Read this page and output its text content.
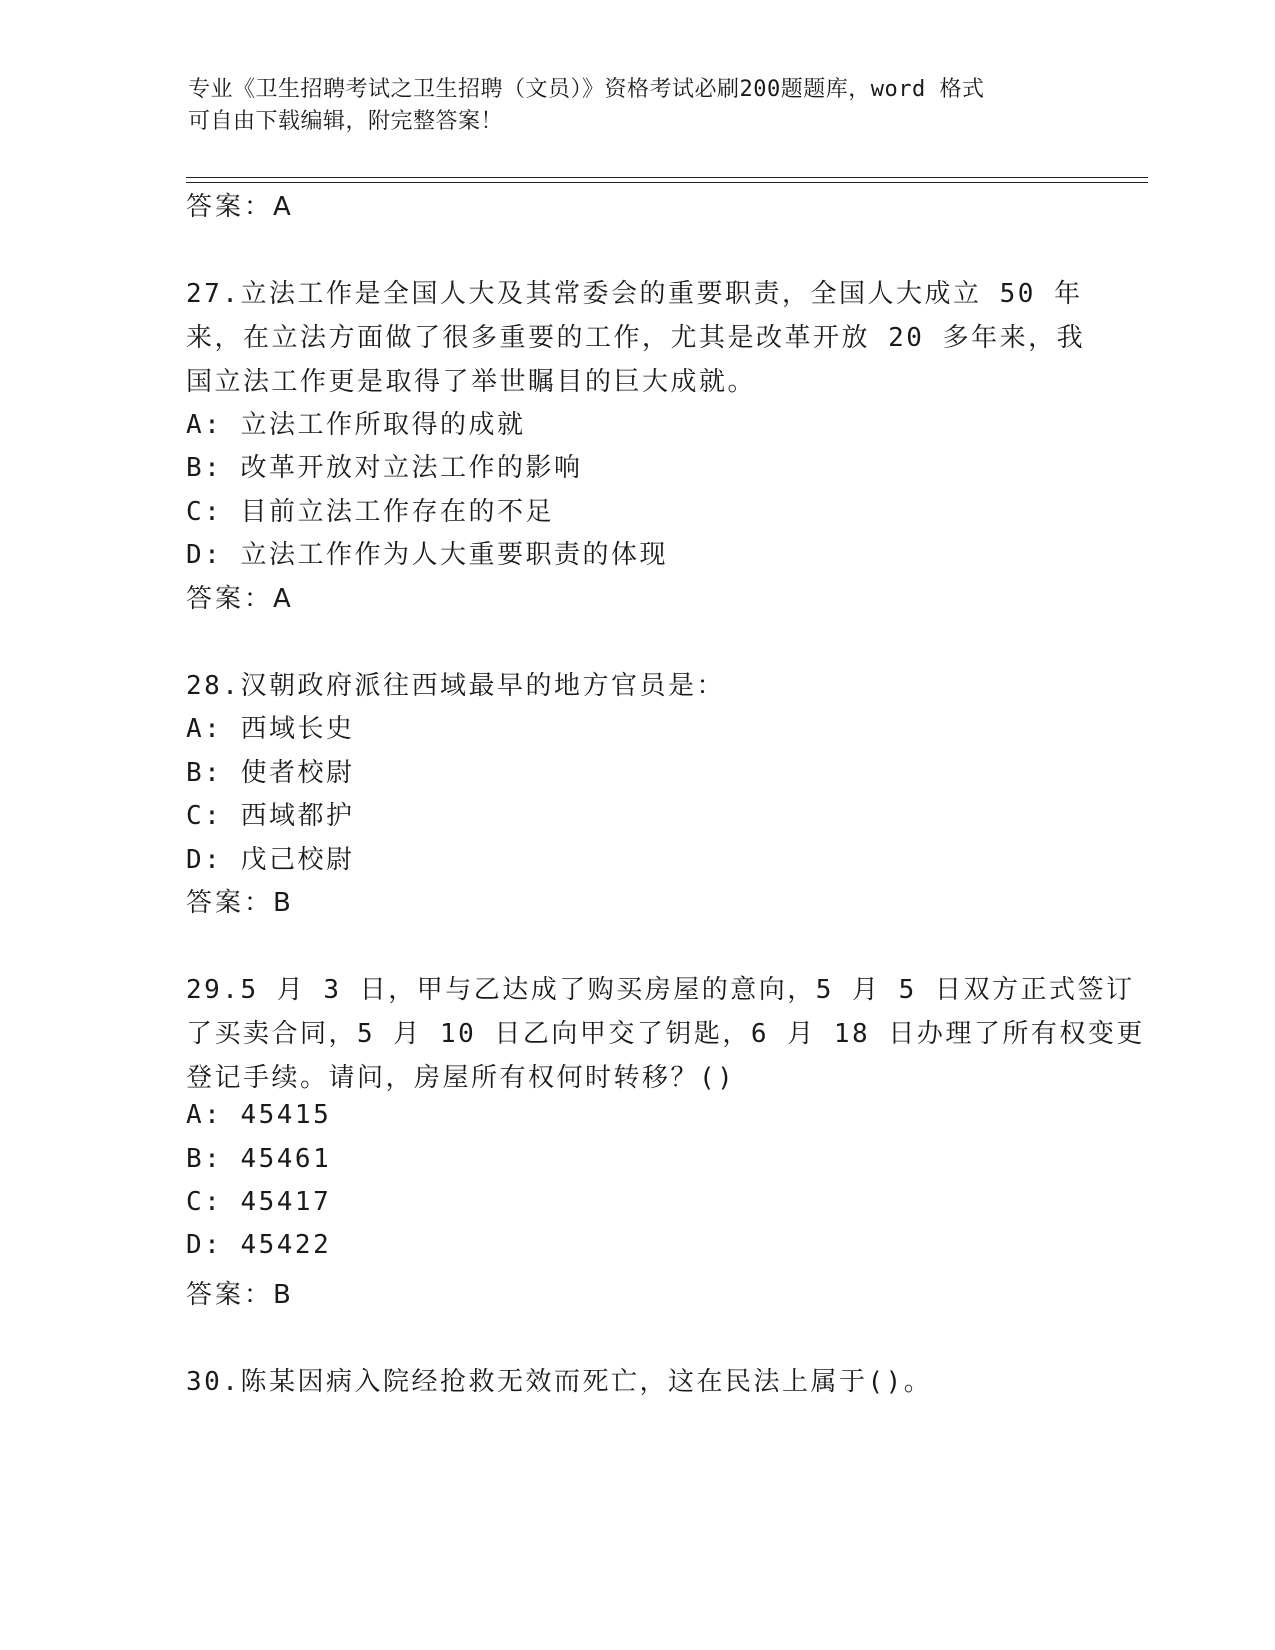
专业《卫生招聘考试之卫生招聘（文员）》资格考试必刷200题题库，word 格式
可自由下载编辑，附完整答案！
答案：A
27.立法工作是全国人大及其常委会的重要职责，全国人大成立 50 年
来，在立法方面做了很多重要的工作，尤其是改革开放 20 多年来，我
国立法工作更是取得了举世瞩目的巨大成就。
A: 立法工作所取得的成就
B: 改革开放对立法工作的影响
C: 目前立法工作存在的不足
D: 立法工作作为人大重要职责的体现
答案：A
28.汉朝政府派往西域最早的地方官员是：
A: 西域长史
B: 使者校尉
C: 西域都护
D: 戊己校尉
答案：B
29.5 月 3 日，甲与乙达成了购买房屋的意向，5 月 5 日双方正式签订
了买卖合同，5 月 10 日乙向甲交了钥匙，6 月 18 日办理了所有权变更
登记手续。请问，房屋所有权何时转移？()
A: 45415
B: 45461
C: 45417
D: 45422
答案：B
30.陈某因病入院经抢救无效而死亡，这在民法上属于()。
